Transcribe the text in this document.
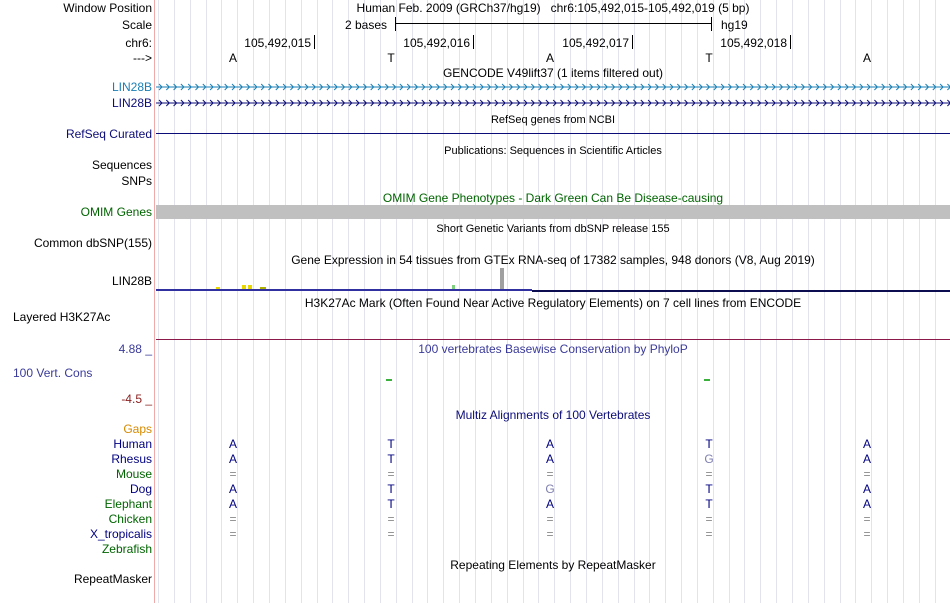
Window Position	Human Feb. 2009 (GRCh37/hg19)   chr6:105,492,015-105,492,019 (5 bp)
Scale	2 bases	hg19
chr6:	105,492,015	105,492,016	105,492,017	105,492,018
--->	A	T	A	T	A
GENCODE V49lift37 (1 items filtered out)
LIN28B
LIN28B
RefSeq genes from NCBI
RefSeq Curated
Publications: Sequences in Scientific Articles
Sequences
SNPs
OMIM Gene Phenotypes - Dark Green Can Be Disease-causing
OMIM Genes
Short Genetic Variants from dbSNP release 155
Common dbSNP(155)
Gene Expression in 54 tissues from GTEx RNA-seq of 17382 samples, 948 donors (V8, Aug 2019)
LIN28B
H3K27Ac Mark (Often Found Near Active Regulatory Elements) on 7 cell lines from ENCODE
Layered H3K27Ac
4.88 _	100 vertebrates Basewise Conservation by PhyloP
100 Vert. Cons
-4.5 _
Multiz Alignments of 100 Vertebrates
Gaps
Human	A	T	A	T	A
Rhesus	A	T	A	G	A
Mouse	=	=	=	=	=
Dog	A	T	G	T	A
Elephant	A	T	A	T	A
Chicken	=	=	=	=	=
X_tropicalis	=	=	=	=	=
Zebrafish
Repeating Elements by RepeatMasker
RepeatMasker
